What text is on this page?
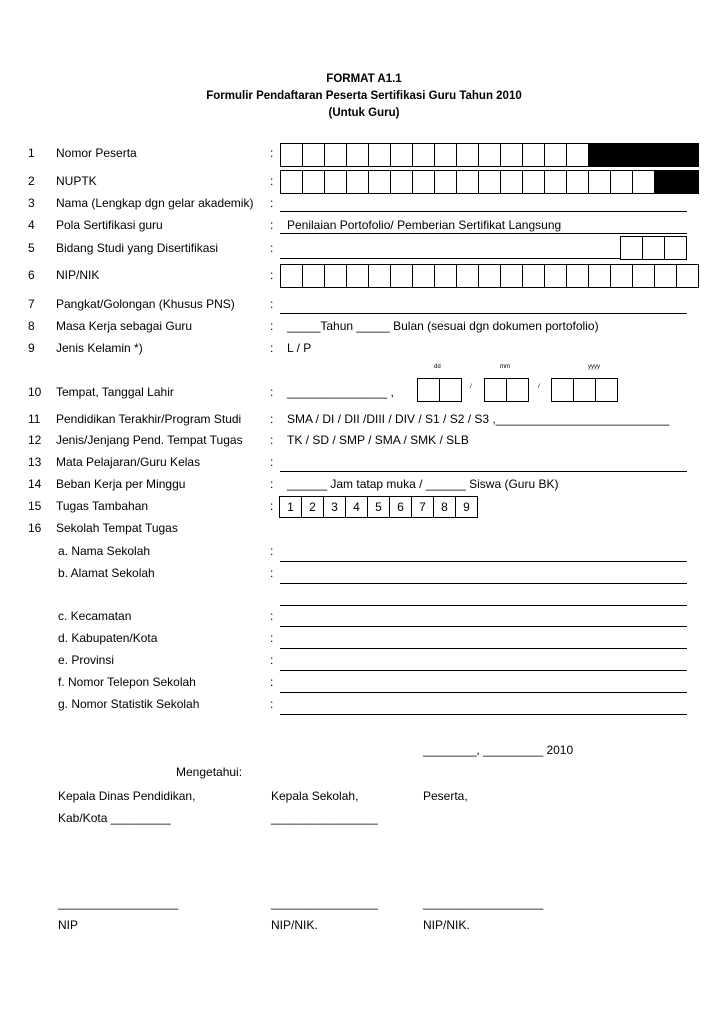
FORMAT A1.1
Formulir Pendaftaran Peserta Sertifikasi Guru Tahun 2010
(Untuk Guru)
1 Nomor Peserta	:
2 NUPTK	:
3 Nama (Lengkap dgn gelar akademik) :
4 Pola Sertifikasi guru	: Penilaian Portofolio/ Pemberian Sertifikat Langsung
5 Bidang Studi yang Disertifikasi	:
6 NIP/NIK	:
7 Pangkat/Golongan (Khusus PNS)	:
8 Masa Kerja sebagai Guru	: _____Tahun _____ Bulan (sesuai dgn dokumen portofolio)
9 Jenis Kelamin *)	: L / P
dd	mm	yyyy
10 Tempat, Tanggal Lahir	: _______________ ,	/	/
11 Pendidikan Terakhir/Program Studi : SMA / DI / DII /DIII / DIV / S1 / S2 / S3 ,__________________________
12 Jenis/Jenjang Pend. Tempat Tugas : TK / SD / SMP / SMA / SMK / SLB
13 Mata Pelajaran/Guru Kelas	:
14 Beban Kerja per Minggu	: ______ Jam tatap muka / ______ Siswa (Guru BK)
15 Tugas Tambahan	:	1	2	3	4	5	6	7	8	9
16 Sekolah Tempat Tugas
a. Nama Sekolah	:
b. Alamat Sekolah	:
c. Kecamatan	:
d. Kabupaten/Kota	:
e. Provinsi	:
f. Nomor Telepon Sekolah	:
g. Nomor Statistik Sekolah	:
________, _________ 2010
Mengetahui:
Kepala Dinas Pendidikan,
Kab/Kota _________
Kepala Sekolah,
________________
Peserta,
__________________	________________	__________________
NIP	NIP/NIK.	NIP/NIK.
